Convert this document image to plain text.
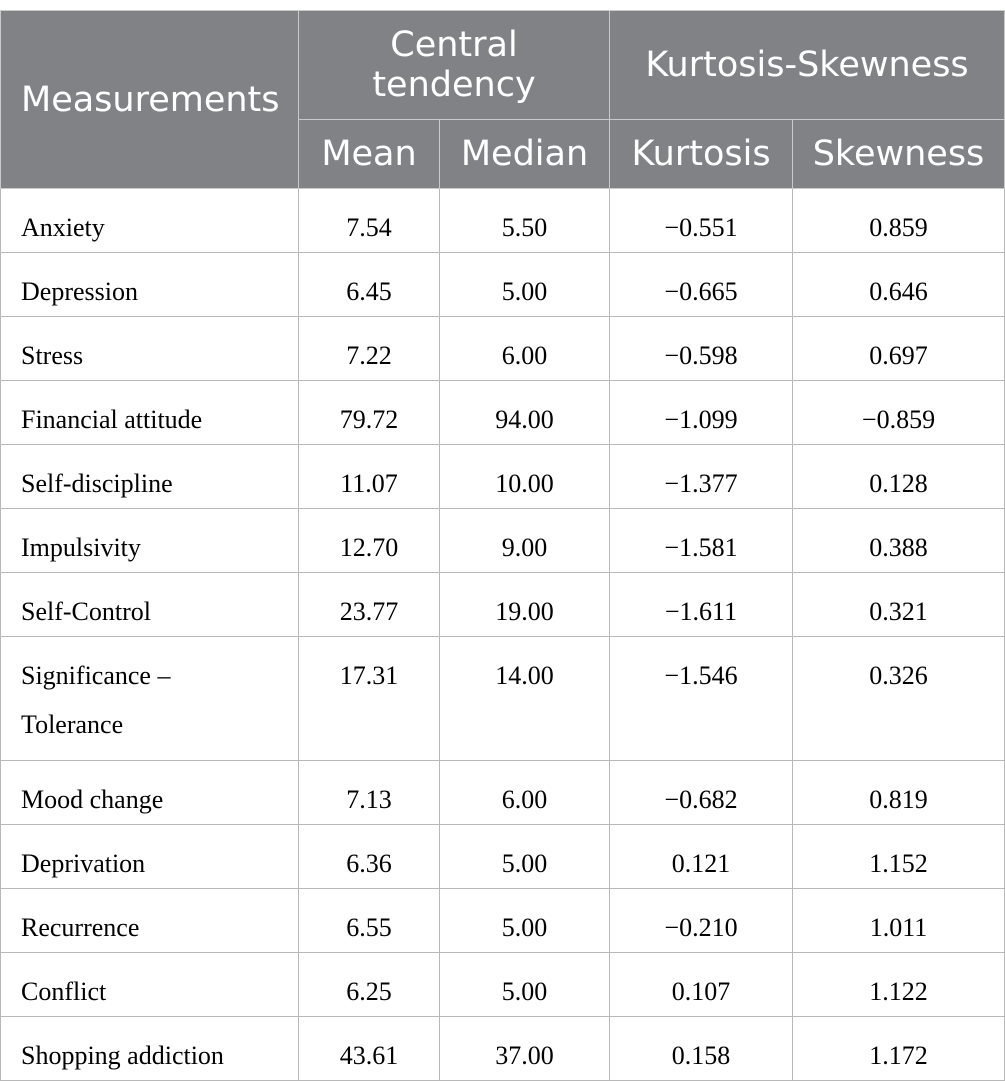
Measurements	Central tendency		Kurtosis-Skewness	
	Mean	Median	Kurtosis	Skewness
Anxiety	7.54	5.50	−0.551	0.859
Depression	6.45	5.00	−0.665	0.646
Stress	7.22	6.00	−0.598	0.697
Financial attitude	79.72	94.00	−1.099	−0.859
Self-discipline	11.07	10.00	−1.377	0.128
Impulsivity	12.70	9.00	−1.581	0.388
Self-Control	23.77	19.00	−1.611	0.321

Significance – Tolerance	17.31	14.00	−1.546	0.326
Mood change	7.13	6.00	−0.682	0.819
Deprivation	6.36	5.00	0.121	1.152
Recurrence	6.55	5.00	−0.210	1.011
Conflict	6.25	5.00	0.107	1.122
Shopping addiction	43.61	37.00	0.158	1.172
